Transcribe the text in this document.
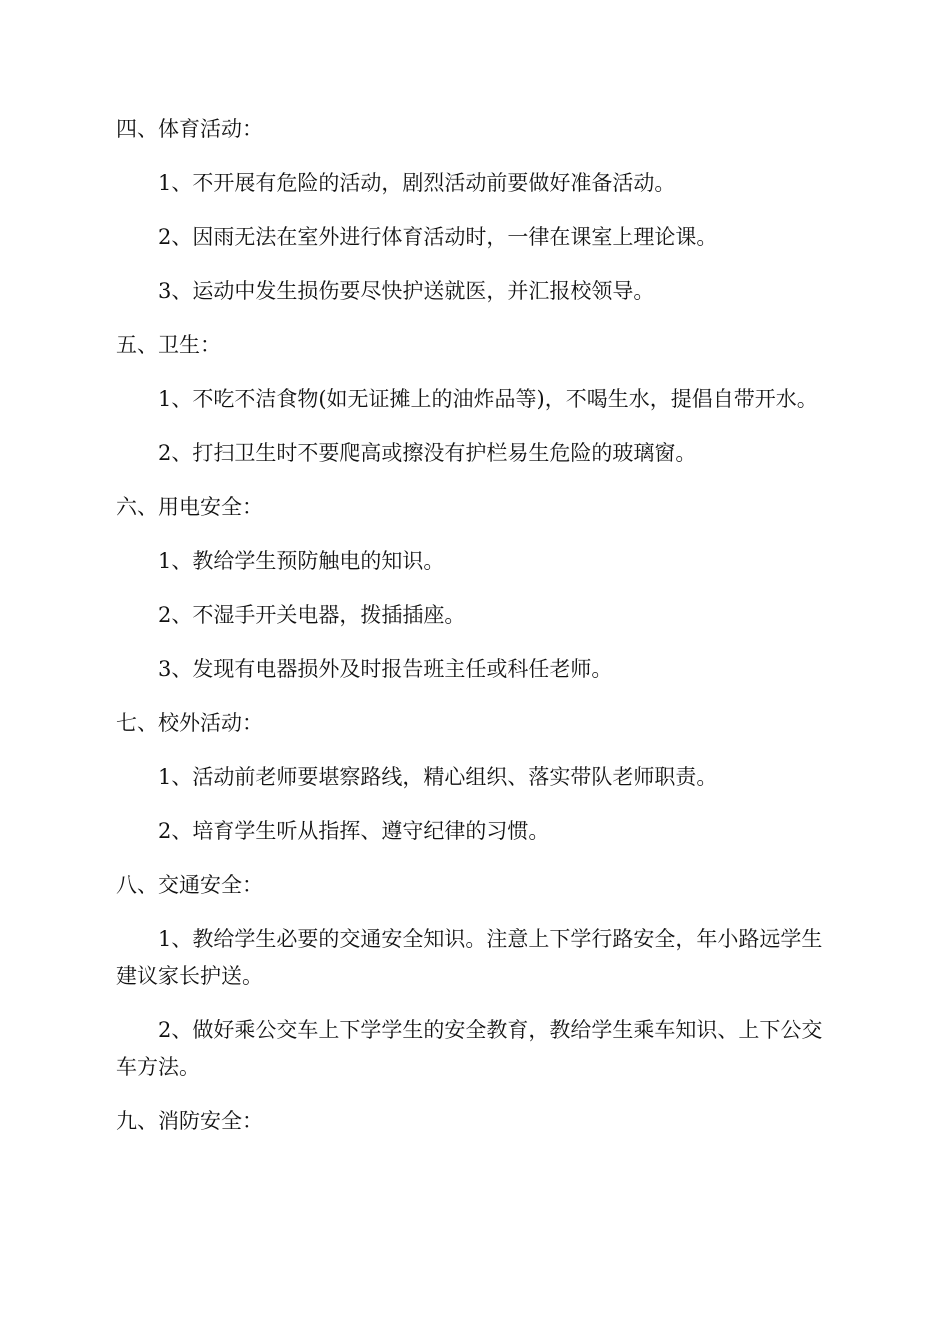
四、体育活动：

1、不开展有危险的活动，剧烈活动前要做好准备活动。

2、因雨无法在室外进行体育活动时，一律在课室上理论课。

3、运动中发生损伤要尽快护送就医，并汇报校领导。

五、卫生：

1、不吃不洁食物(如无证摊上的油炸品等)，不喝生水，提倡自带开水。

2、打扫卫生时不要爬高或擦没有护栏易生危险的玻璃窗。

六、用电安全：

1、教给学生预防触电的知识。

2、不湿手开关电器，拨插插座。

3、发现有电器损外及时报告班主任或科任老师。

七、校外活动：

1、活动前老师要堪察路线，精心组织、落实带队老师职责。

2、培育学生听从指挥、遵守纪律的习惯。

八、交通安全：

1、教给学生必要的交通安全知识。注意上下学行路安全，年小路远学生建议家长护送。

2、做好乘公交车上下学学生的安全教育，教给学生乘车知识、上下公交车方法。

九、消防安全：
